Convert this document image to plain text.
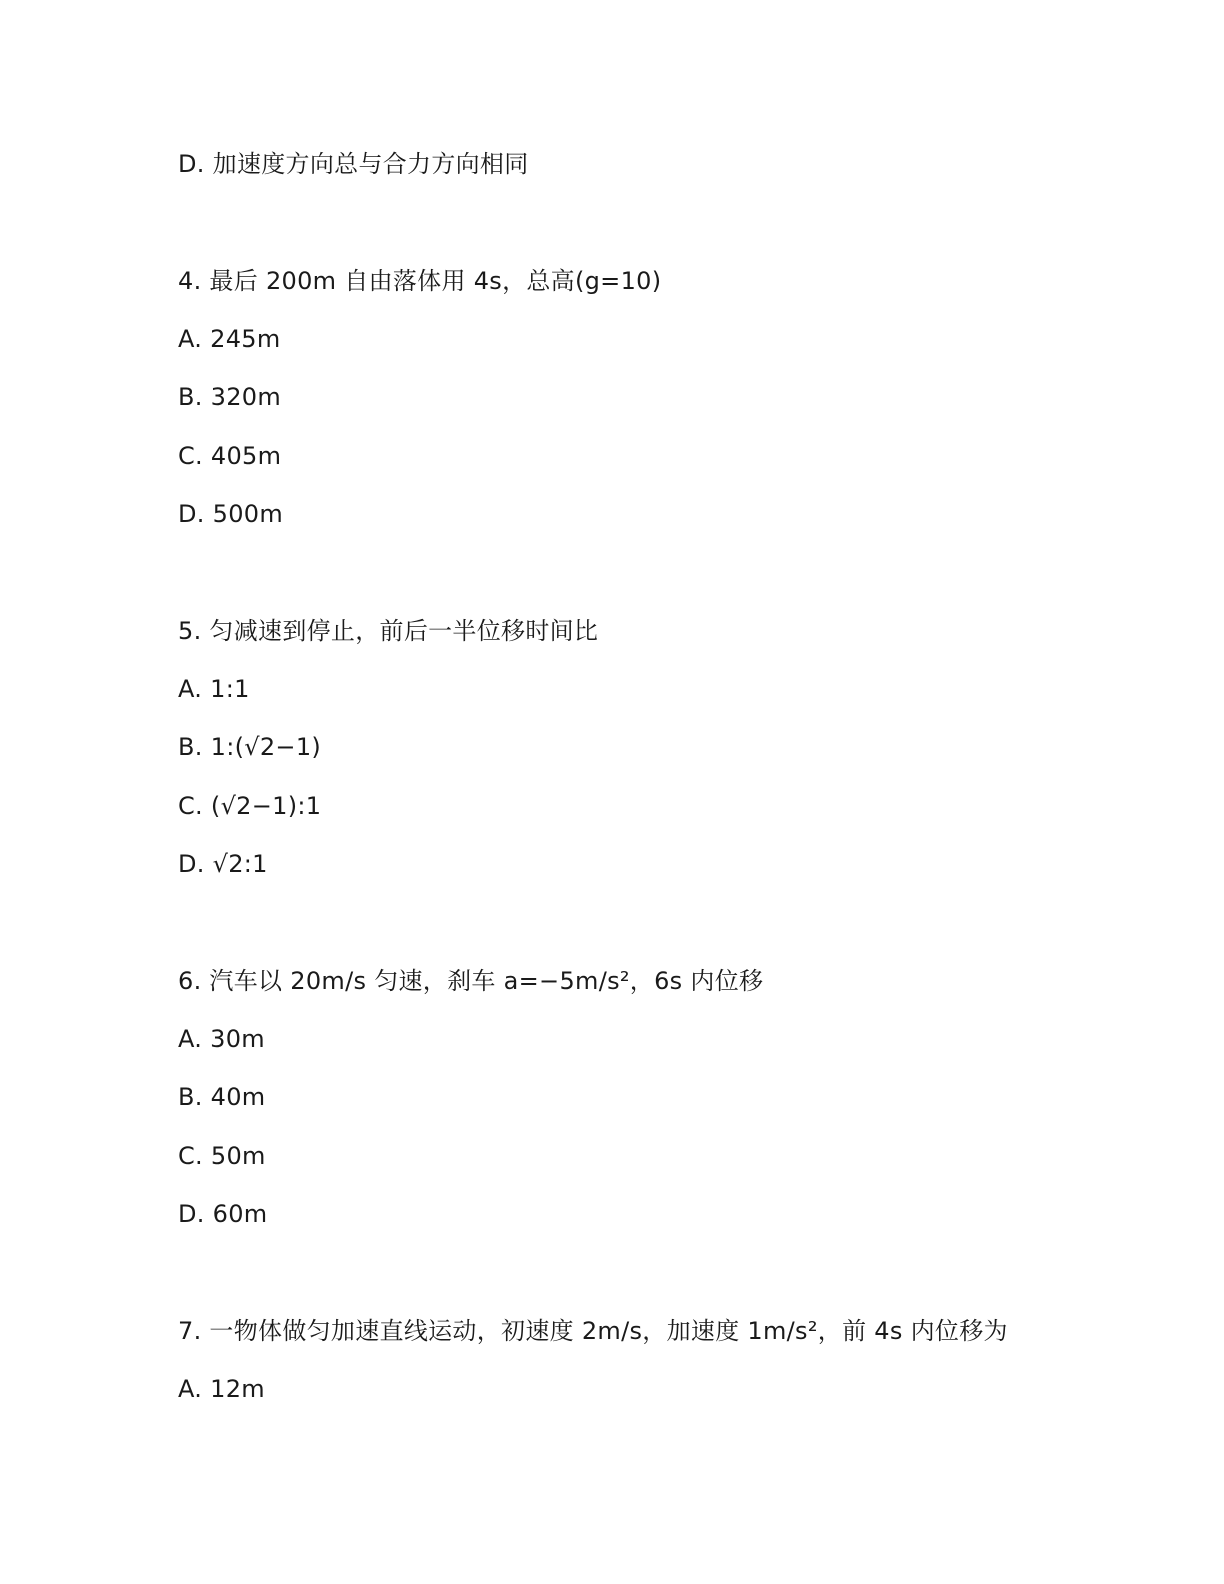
D. 加速度方向总与合力方向相同
4. 最后 200m 自由落体用 4s，总高(g=10)
A. 245m
B. 320m
C. 405m
D. 500m
5. 匀减速到停止，前后一半位移时间比
A. 1:1
B. 1:(√2−1)
C. (√2−1):1
D. √2:1
6. 汽车以 20m/s 匀速，刹车 a=−5m/s²，6s 内位移
A. 30m
B. 40m
C. 50m
D. 60m
7. 一物体做匀加速直线运动，初速度 2m/s，加速度 1m/s²，前 4s 内位移为
A. 12m
